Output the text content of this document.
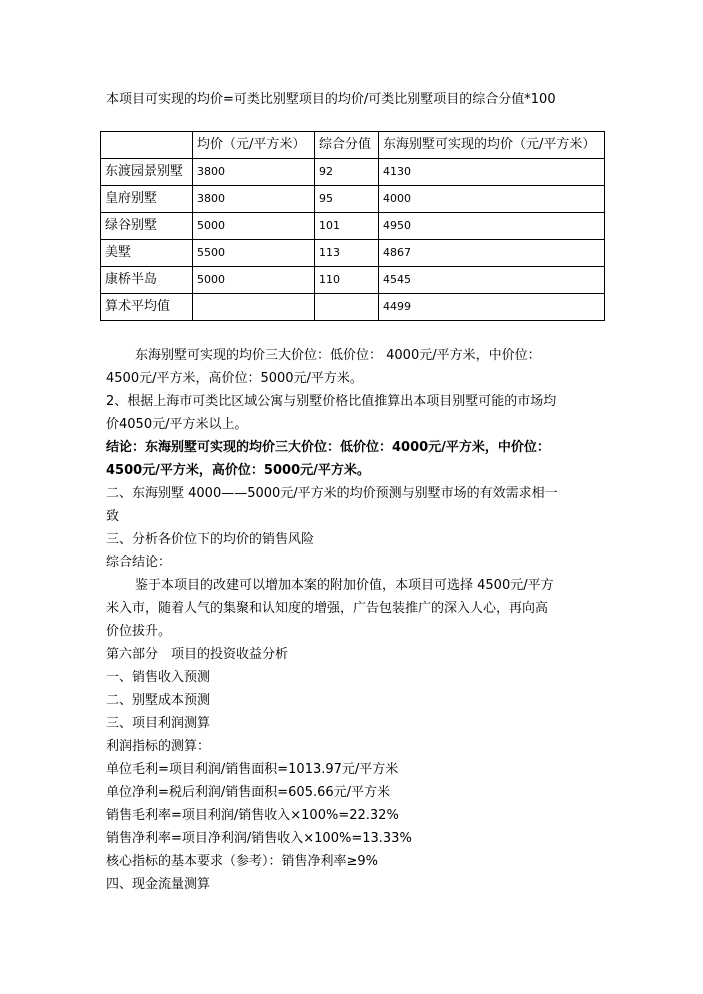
本项目可实现的均价=可类比别墅项目的均价/可类比别墅项目的综合分值*100
	均价（元/平方米）	综合分值	东海别墅可实现的均价（元/平方米）
东渡园景别墅	3800	92	4130
皇府别墅	3800	95	4000
绿谷别墅	5000	101	4950
美墅	5500	113	4867
康桥半岛	5000	110	4545
算术平均值			4499
东海别墅可实现的均价三大价位：低价位： 4000元/平方米，中价位：
4500元/平方米，高价位：5000元/平方米。
2、根据上海市可类比区域公寓与别墅价格比值推算出本项目别墅可能的市场均
价4050元/平方米以上。
结论：东海别墅可实现的均价三大价位：低价位：4000元/平方米，中价位：
4500元/平方米，高价位：5000元/平方米。
二、东海别墅 4000——5000元/平方米的均价预测与别墅市场的有效需求相一
致
三、分析各价位下的均价的销售风险
综合结论：
鉴于本项目的改建可以增加本案的附加价值，本项目可选择 4500元/平方
米入市，随着人气的集聚和认知度的增强，广告包装推广的深入人心，再向高
价位拔升。
第六部分　项目的投资收益分析
一、销售收入预测
二、别墅成本预测
三、项目利润测算
利润指标的测算：
单位毛利=项目利润/销售面积=1013.97元/平方米
单位净利=税后利润/销售面积=605.66元/平方米
销售毛利率=项目利润/销售收入×100%=22.32%
销售净利率=项目净利润/销售收入×100%=13.33%
核心指标的基本要求（参考）：销售净利率≥9%
四、现金流量测算
